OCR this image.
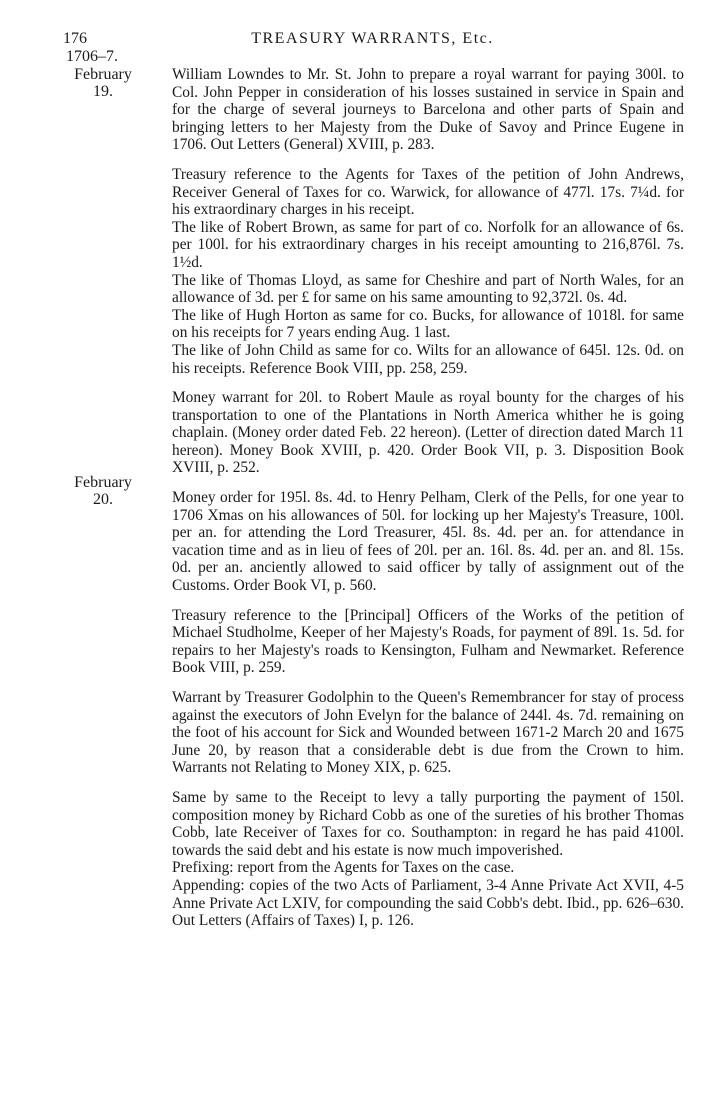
176	TREASURY WARRANTS, Etc.
1706–7.
February
19.
February
20.

William Lowndes to Mr. St. John to prepare a royal warrant for paying 300l. to Col. John Pepper in consideration of his losses sustained in service in Spain and for the charge of several journeys to Barcelona and other parts of Spain and bringing letters to her Majesty from the Duke of Savoy and Prince Eugene in 1706. Out Letters (General) XVIII, p. 283.

Treasury reference to the Agents for Taxes of the petition of John Andrews, Receiver General of Taxes for co. Warwick, for allowance of 477l. 17s. 7¼d. for his extraordinary charges in his receipt.

The like of Robert Brown, as same for part of co. Norfolk for an allowance of 6s. per 100l. for his extraordinary charges in his receipt amounting to 216,876l. 7s. 1½d.

The like of Thomas Lloyd, as same for Cheshire and part of North Wales, for an allowance of 3d. per £ for same on his same amounting to 92,372l. 0s. 4d.

The like of Hugh Horton as same for co. Bucks, for allowance of 1018l. for same on his receipts for 7 years ending Aug. 1 last.

The like of John Child as same for co. Wilts for an allowance of 645l. 12s. 0d. on his receipts. Reference Book VIII, pp. 258, 259.

Money warrant for 20l. to Robert Maule as royal bounty for the charges of his transportation to one of the Plantations in North America whither he is going chaplain. (Money order dated Feb. 22 hereon). (Letter of direction dated March 11 hereon). Money Book XVIII, p. 420. Order Book VII, p. 3. Disposition Book XVIII, p. 252.

Money order for 195l. 8s. 4d. to Henry Pelham, Clerk of the Pells, for one year to 1706 Xmas on his allowances of 50l. for locking up her Majesty's Treasure, 100l. per an. for attending the Lord Treasurer, 45l. 8s. 4d. per an. for attendance in vacation time and as in lieu of fees of 20l. per an. 16l. 8s. 4d. per an. and 8l. 15s. 0d. per an. anciently allowed to said officer by tally of assignment out of the Customs. Order Book VI, p. 560.

Treasury reference to the [Principal] Officers of the Works of the petition of Michael Studholme, Keeper of her Majesty's Roads, for payment of 89l. 1s. 5d. for repairs to her Majesty's roads to Kensington, Fulham and Newmarket. Reference Book VIII, p. 259.

Warrant by Treasurer Godolphin to the Queen's Remembrancer for stay of process against the executors of John Evelyn for the balance of 244l. 4s. 7d. remaining on the foot of his account for Sick and Wounded between 1671-2 March 20 and 1675 June 20, by reason that a considerable debt is due from the Crown to him. Warrants not Relating to Money XIX, p. 625.

Same by same to the Receipt to levy a tally purporting the payment of 150l. composition money by Richard Cobb as one of the sureties of his brother Thomas Cobb, late Receiver of Taxes for co. Southampton: in regard he has paid 4100l. towards the said debt and his estate is now much impoverished.

Prefixing: report from the Agents for Taxes on the case.

Appending: copies of the two Acts of Parliament, 3-4 Anne Private Act XVII, 4-5 Anne Private Act LXIV, for compounding the said Cobb's debt. Ibid., pp. 626–630. Out Letters (Affairs of Taxes) I, p. 126.
